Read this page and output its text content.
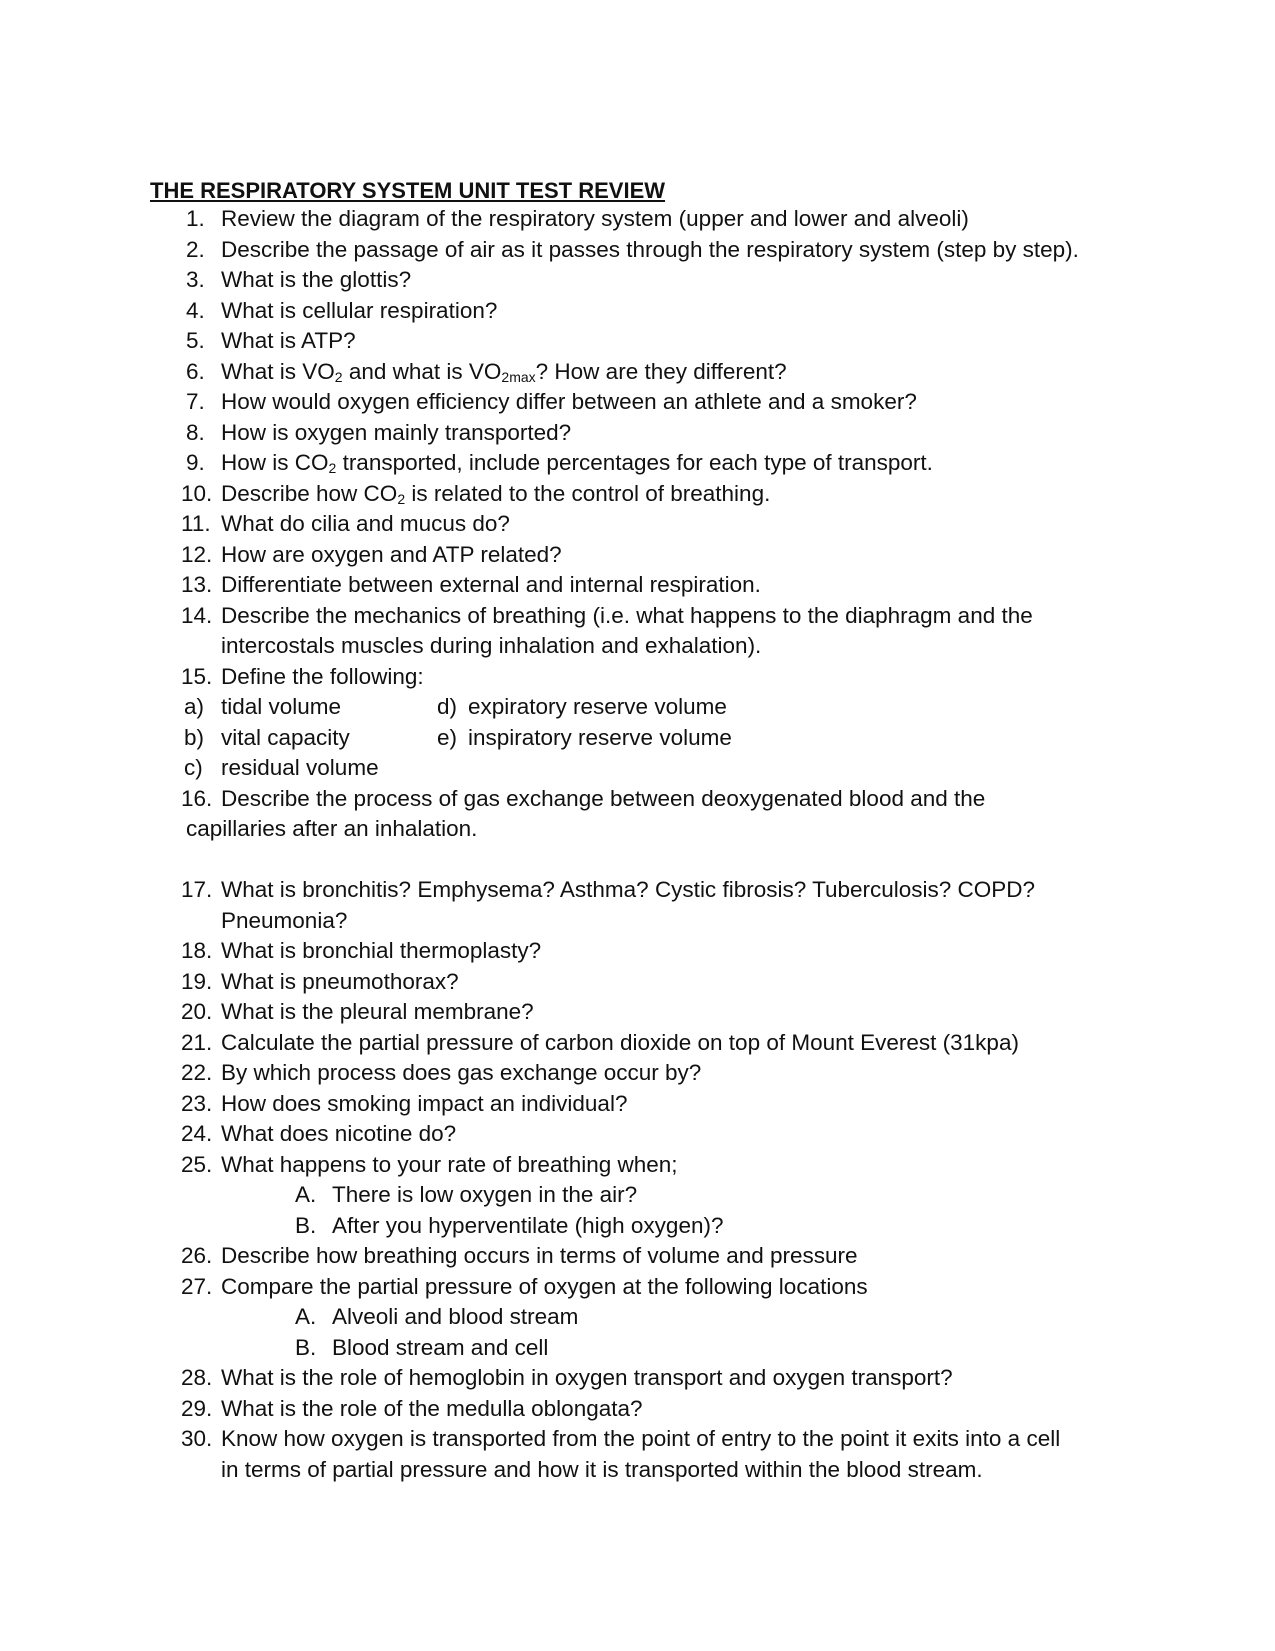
THE RESPIRATORY SYSTEM UNIT TEST REVIEW
1. Review the diagram of the respiratory system (upper and lower and alveoli)
2. Describe the passage of air as it passes through the respiratory system (step by step).
3. What is the glottis?
4. What is cellular respiration?
5. What is ATP?
6. What is $VO_2$ and what is $VO_{2max}$? How are they different?
7. How would oxygen efficiency differ between an athlete and a smoker?
8. How is oxygen mainly transported?
9. How is $CO_2$ transported, include percentages for each type of transport.
10. Describe how $CO_2$ is related to the control of breathing.
11. What do cilia and mucus do?
12. How are oxygen and ATP related?
13. Differentiate between external and internal respiration.
14. Describe the mechanics of breathing (i.e. what happens to the diaphragm and the
intercostals muscles during inhalation and exhalation).
15. Define the following:
a) tidal volume
b) vital capacity
c) residual volume
d) expiratory reserve volume
e) inspiratory reserve volume
16. Describe the process of gas exchange between deoxygenated blood and the
capillaries after an inhalation.
17. What is bronchitis? Emphysema? Asthma? Cystic fibrosis? Tuberculosis? COPD?
Pneumonia?
18. What is bronchial thermoplasty?
19. What is pneumothorax?
20. What is the pleural membrane?
21. Calculate the partial pressure of carbon dioxide on top of Mount Everest (31kpa)
22. By which process does gas exchange occur by?
23. How does smoking impact an individual?
24. What does nicotine do?
25. What happens to your rate of breathing when;
A. There is low oxygen in the air?
B. After you hyperventilate (high oxygen)?
26. Describe how breathing occurs in terms of volume and pressure
27. Compare the partial pressure of oxygen at the following locations
A. Alveoli and blood stream
B. Blood stream and cell
28. What is the role of hemoglobin in oxygen transport and oxygen transport?
29. What is the role of the medulla oblongata?
30. Know how oxygen is transported from the point of entry to the point it exits into a cell
in terms of partial pressure and how it is transported within the blood stream.
